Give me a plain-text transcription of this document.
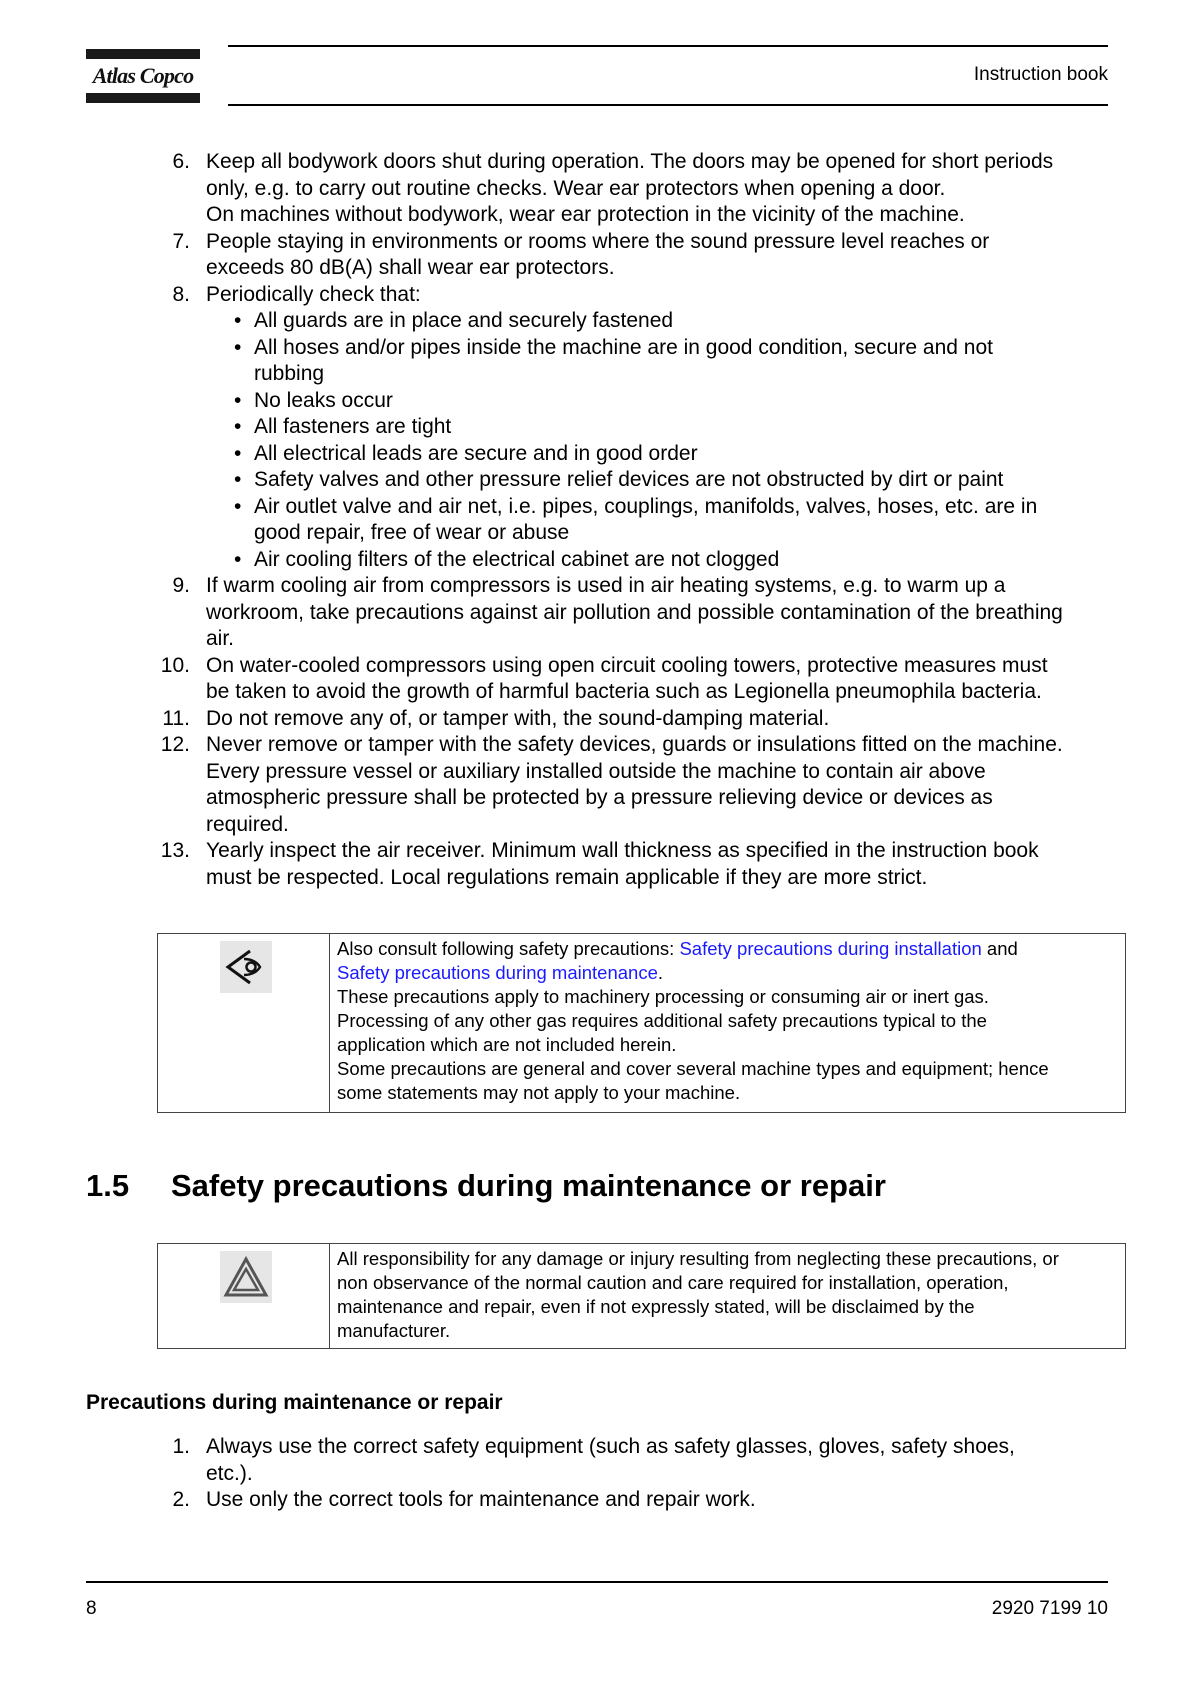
Atlas Copco	Instruction book
6. Keep all bodywork doors shut during operation. The doors may be opened for short periods
only, e.g. to carry out routine checks. Wear ear protectors when opening a door.
On machines without bodywork, wear ear protection in the vicinity of the machine.
7. People staying in environments or rooms where the sound pressure level reaches or
exceeds 80 dB(A) shall wear ear protectors.
8. Periodically check that:
• All guards are in place and securely fastened
• All hoses and/or pipes inside the machine are in good condition, secure and not
rubbing
• No leaks occur
• All fasteners are tight
• All electrical leads are secure and in good order
• Safety valves and other pressure relief devices are not obstructed by dirt or paint
• Air outlet valve and air net, i.e. pipes, couplings, manifolds, valves, hoses, etc. are in
good repair, free of wear or abuse
• Air cooling filters of the electrical cabinet are not clogged
9. If warm cooling air from compressors is used in air heating systems, e.g. to warm up a
workroom, take precautions against air pollution and possible contamination of the breathing
air.
10. On water-cooled compressors using open circuit cooling towers, protective measures must
be taken to avoid the growth of harmful bacteria such as Legionella pneumophila bacteria.
11. Do not remove any of, or tamper with, the sound-damping material.
12. Never remove or tamper with the safety devices, guards or insulations fitted on the machine.
Every pressure vessel or auxiliary installed outside the machine to contain air above
atmospheric pressure shall be protected by a pressure relieving device or devices as
required.
13. Yearly inspect the air receiver. Minimum wall thickness as specified in the instruction book
must be respected. Local regulations remain applicable if they are more strict.
Also consult following safety precautions: Safety precautions during installation and
Safety precautions during maintenance.
These precautions apply to machinery processing or consuming air or inert gas.
Processing of any other gas requires additional safety precautions typical to the
application which are not included herein.
Some precautions are general and cover several machine types and equipment; hence
some statements may not apply to your machine.
1.5 Safety precautions during maintenance or repair
All responsibility for any damage or injury resulting from neglecting these precautions, or
non observance of the normal caution and care required for installation, operation,
maintenance and repair, even if not expressly stated, will be disclaimed by the
manufacturer.
Precautions during maintenance or repair
1. Always use the correct safety equipment (such as safety glasses, gloves, safety shoes,
etc.).
2. Use only the correct tools for maintenance and repair work.
8	2920 7199 10
